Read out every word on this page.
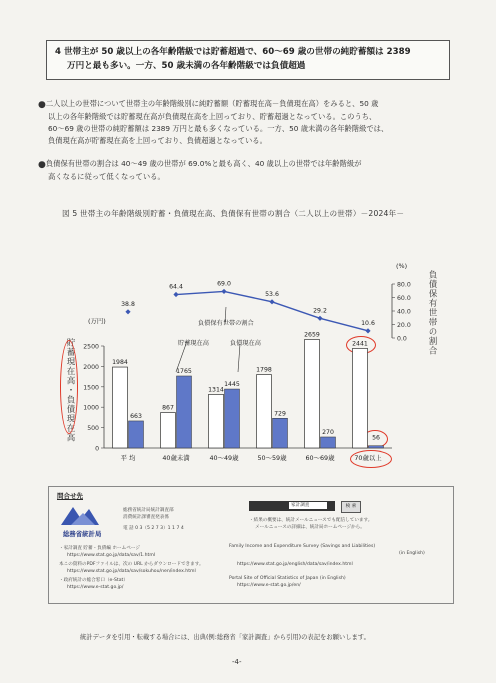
4 世帯主が 50 歳以上の各年齢階級では貯蓄超過で、60～69 歳の世帯の純貯蓄額は 2389
万円と最も多い。一方、50 歳未満の各年齢階級では負債超過
●二人以上の世帯について世帯主の年齢階級別に純貯蓄額（貯蓄現在高－負債現在高）をみると、50 歳
以上の各年齢階級では貯蓄現在高が負債現在高を上回っており、貯蓄超過となっている。このうち、
60～69 歳の世帯の純貯蓄額は 2389 万円と最も多くなっている。一方、50 歳未満の各年齢階級では、
負債現在高が貯蓄現在高を上回っており、負債超過となっている。
●負債保有世帯の割合は 40～49 歳の世帯が 69.0%と最も高く、40 歳以上の世帯では年齢階級が
高くなるに従って低くなっている。
図 5 世帯主の年齢階級別貯蓄・負債現在高、負債保有世帯の割合（二人以上の世帯）－2024年－
貯蓄現在高・負債現在高
負債保有世帯の割合
0
500
1000
1500
2000
2500
0.0
20.0
40.0
60.0
80.0
1984
663
平 均
867
1765
40歳未満
1314
1445
40～49歳
1798
729
50～59歳
2659
270
60～69歳
2441
56
70歳以上
38.8
64.4	69.0
53.6
29.2
10.6
貯蓄現在高	負債現在高
負債保有世帯の割合
(万円)
(%)
問合せ先
総務省統計局
総務省統計局統計調査部
消費統計課審査発表係
電 話 0 3（5 2 7 3）1 1 7 4
・家計調査 貯蓄・負債編 ホームページ
https://www.stat.go.jp/data/sav/1.html
本この資料のPDFファイルは、次の URL からダウンロードできます。
https://www.stat.go.jp/data/sav/sokuhou/nen/index.html
・政府統計の総合窓口（e-Stat）
https://www.e-stat.go.jp/
家計調査	検 索
・結果の概要は、統計メールニュースでも配信しています。
メールニュースの詳細は、統計局ホームページから。
Family Income and Expenditure Survey (Savings and Liabilities)
(in English)
https://www.stat.go.jp/english/data/sav/index.html
Portal Site of Official Statistics of Japan (in English)
https://www.e-stat.go.jp/en/
統計データを引用・転載する場合には、出典(例:総務省「家計調査」から引用)の表記をお願いします。
-4-
